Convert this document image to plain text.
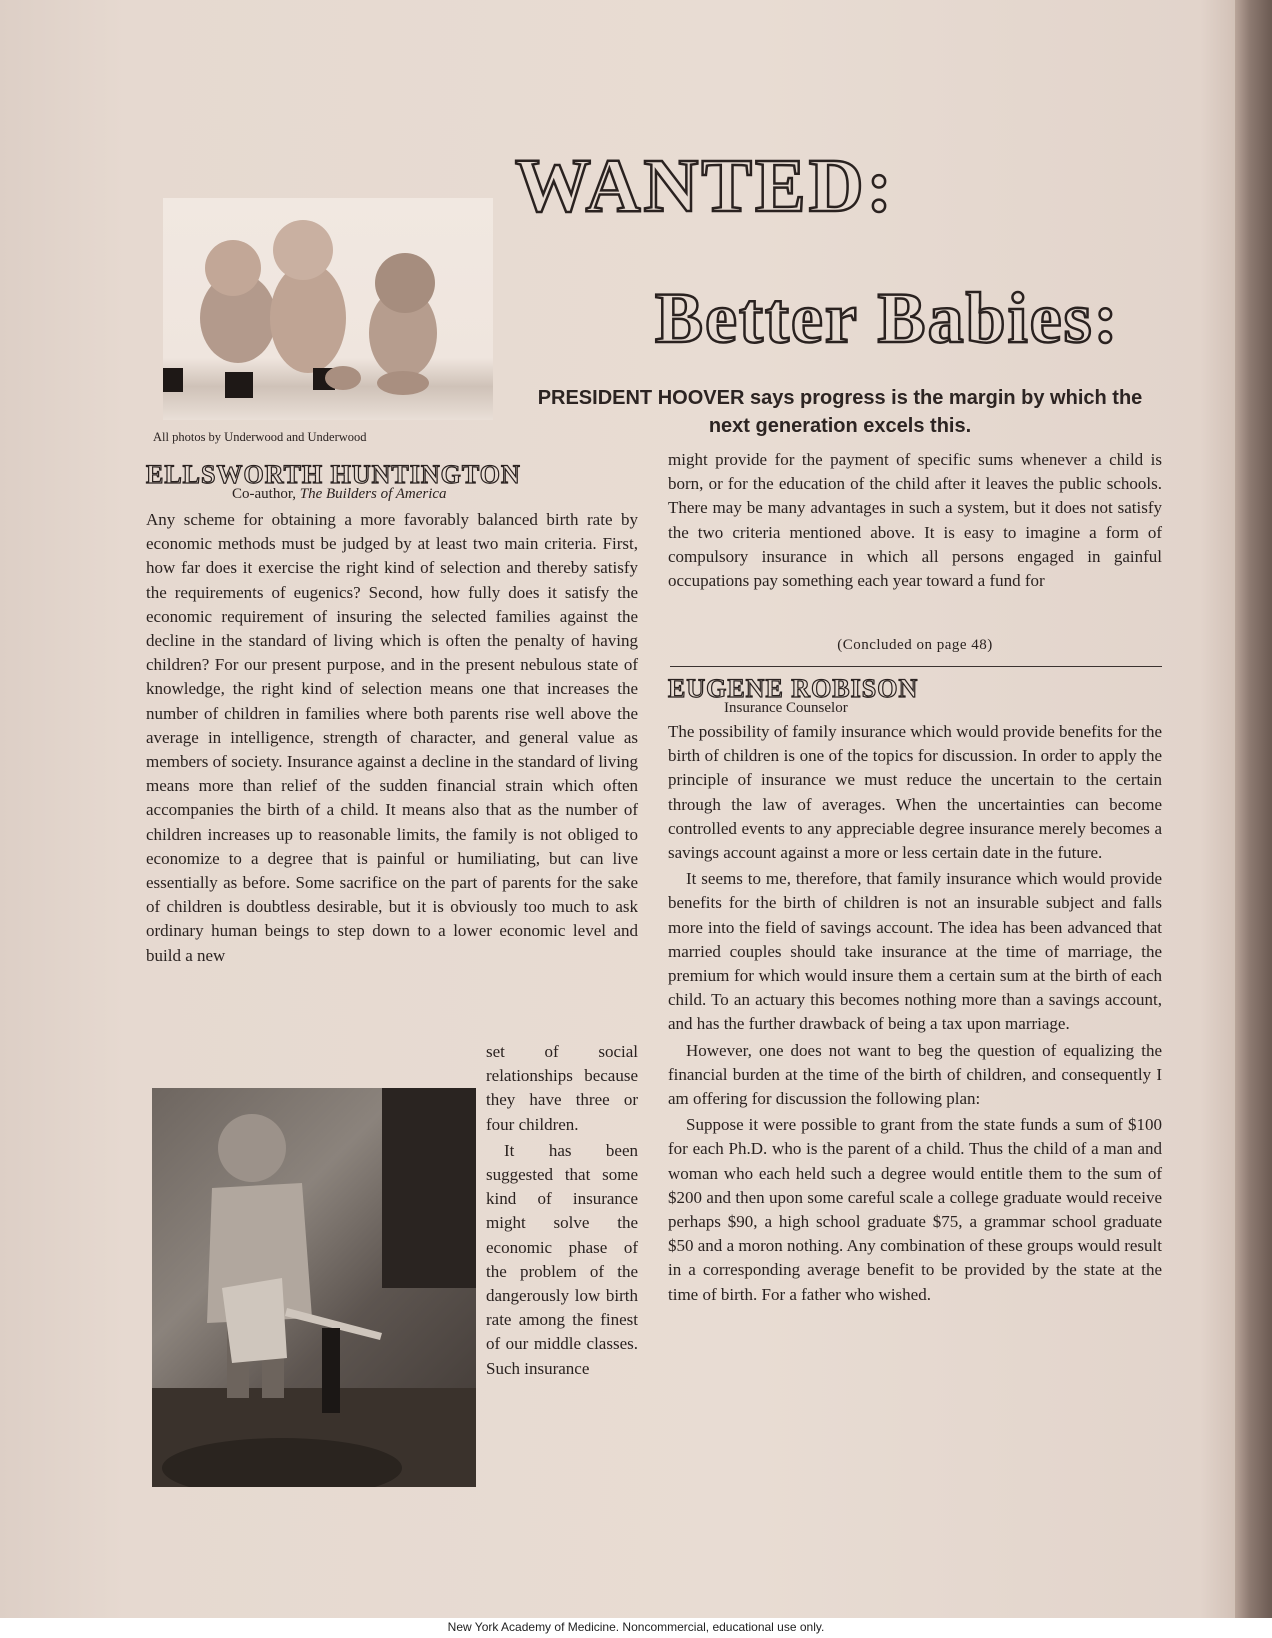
WANTED:
Better Babies:
PRESIDENT HOOVER says progress is the margin by which the next generation excels this.
All photos by Underwood and Underwood
ELLSWORTH HUNTINGTON
Co-author, The Builders of America

Any scheme for obtaining a more favorably balanced birth rate by economic methods must be judged by at least two main criteria. First, how far does it exercise the right kind of selection and thereby satisfy the requirements of eugenics? Second, how fully does it satisfy the economic requirement of insuring the selected families against the decline in the standard of living which is often the penalty of having children? For our present purpose, and in the present nebulous state of knowledge, the right kind of selection means one that increases the number of children in families where both parents rise well above the average in intelligence, strength of character, and general value as members of society. Insurance against a decline in the standard of living means more than relief of the sudden financial strain which often accompanies the birth of a child. It means also that as the number of children increases up to reasonable limits, the family is not obliged to economize to a degree that is painful or humiliating, but can live essentially as before. Some sacrifice on the part of parents for the sake of children is doubtless desirable, but it is obviously too much to ask ordinary human beings to step down to a lower economic level and build a new

set of social relationships because they have three or four children.

It has been suggested that some kind of insurance might solve the economic phase of the problem of the dangerously low birth rate among the finest of our middle classes. Such insurance

might provide for the payment of specific sums whenever a child is born, or for the education of the child after it leaves the public schools. There may be many advantages in such a system, but it does not satisfy the two criteria mentioned above. It is easy to imagine a form of compulsory insurance in which all persons engaged in gainful occupations pay something each year toward a fund for

(Concluded on page 48)
EUGENE ROBISON
Insurance Counselor

The possibility of family insurance which would provide benefits for the birth of children is one of the topics for discussion. In order to apply the principle of insurance we must reduce the uncertain to the certain through the law of averages. When the uncertainties can become controlled events to any appreciable degree insurance merely becomes a savings account against a more or less certain date in the future.

It seems to me, therefore, that family insurance which would provide benefits for the birth of children is not an insurable subject and falls more into the field of savings account. The idea has been advanced that married couples should take insurance at the time of marriage, the premium for which would insure them a certain sum at the birth of each child. To an actuary this becomes nothing more than a savings account, and has the further drawback of being a tax upon marriage.

However, one does not want to beg the question of equalizing the financial burden at the time of the birth of children, and consequently I am offering for discussion the following plan:

Suppose it were possible to grant from the state funds a sum of $100 for each Ph.D. who is the parent of a child. Thus the child of a man and woman who each held such a degree would entitle them to the sum of $200 and then upon some careful scale a college graduate would receive perhaps $90, a high school graduate $75, a grammar school graduate $50 and a moron nothing. Any combination of these groups would result in a corresponding average benefit to be provided by the state at the time of birth. For a father who wished.

New York Academy of Medicine. Noncommercial, educational use only.
